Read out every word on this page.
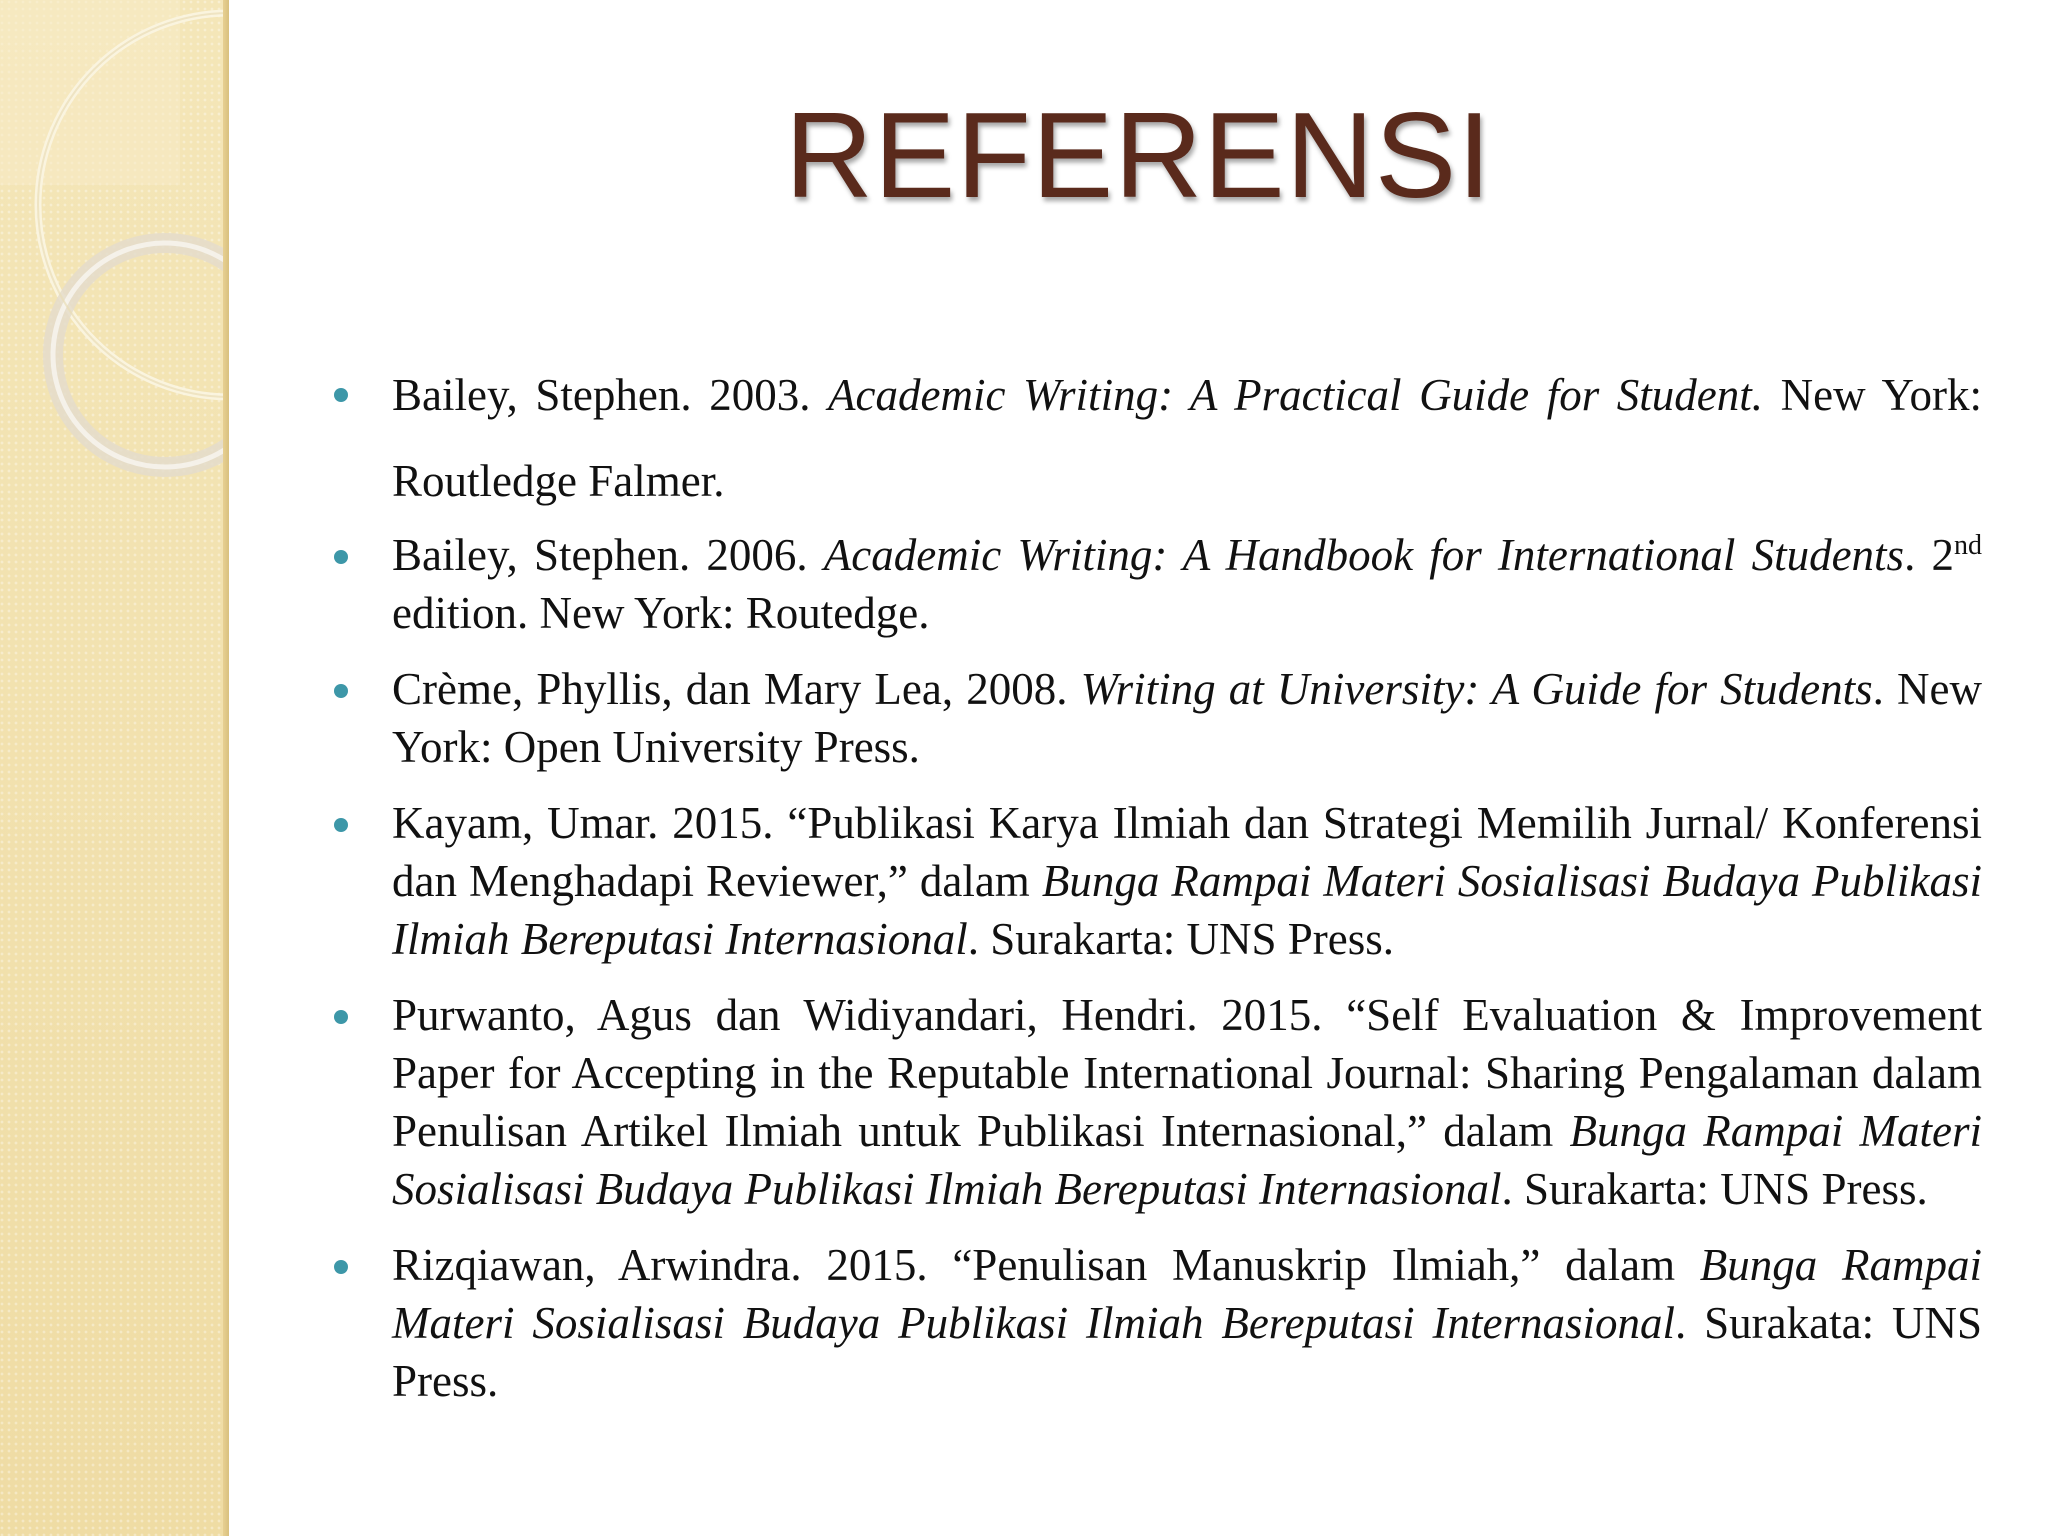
REFERENSI
Bailey, Stephen. 2003. Academic Writing: A Practical Guide for Student. New York: Routledge Falmer.
Bailey, Stephen. 2006. Academic Writing: A Handbook for International Students. 2nd edition. New York: Routedge.
Crème, Phyllis, dan Mary Lea, 2008. Writing at University: A Guide for Students. New York: Open University Press.
Kayam, Umar. 2015. “Publikasi Karya Ilmiah dan Strategi Memilih Jurnal/ Konferensi dan Menghadapi Reviewer,” dalam Bunga Rampai Materi Sosialisasi Budaya Publikasi Ilmiah Bereputasi Internasional. Surakarta: UNS Press.
Purwanto, Agus dan Widiyandari, Hendri. 2015. “Self Evaluation & Improvement Paper for Accepting in the Reputable International Journal: Sharing Pengalaman dalam Penulisan Artikel Ilmiah untuk Publikasi Internasional,” dalam Bunga Rampai Materi Sosialisasi Budaya Publikasi Ilmiah Bereputasi Internasional. Surakarta: UNS Press.
Rizqiawan, Arwindra. 2015. “Penulisan Manuskrip Ilmiah,” dalam Bunga Rampai Materi Sosialisasi Budaya Publikasi Ilmiah Bereputasi Internasional. Surakata: UNS Press.
